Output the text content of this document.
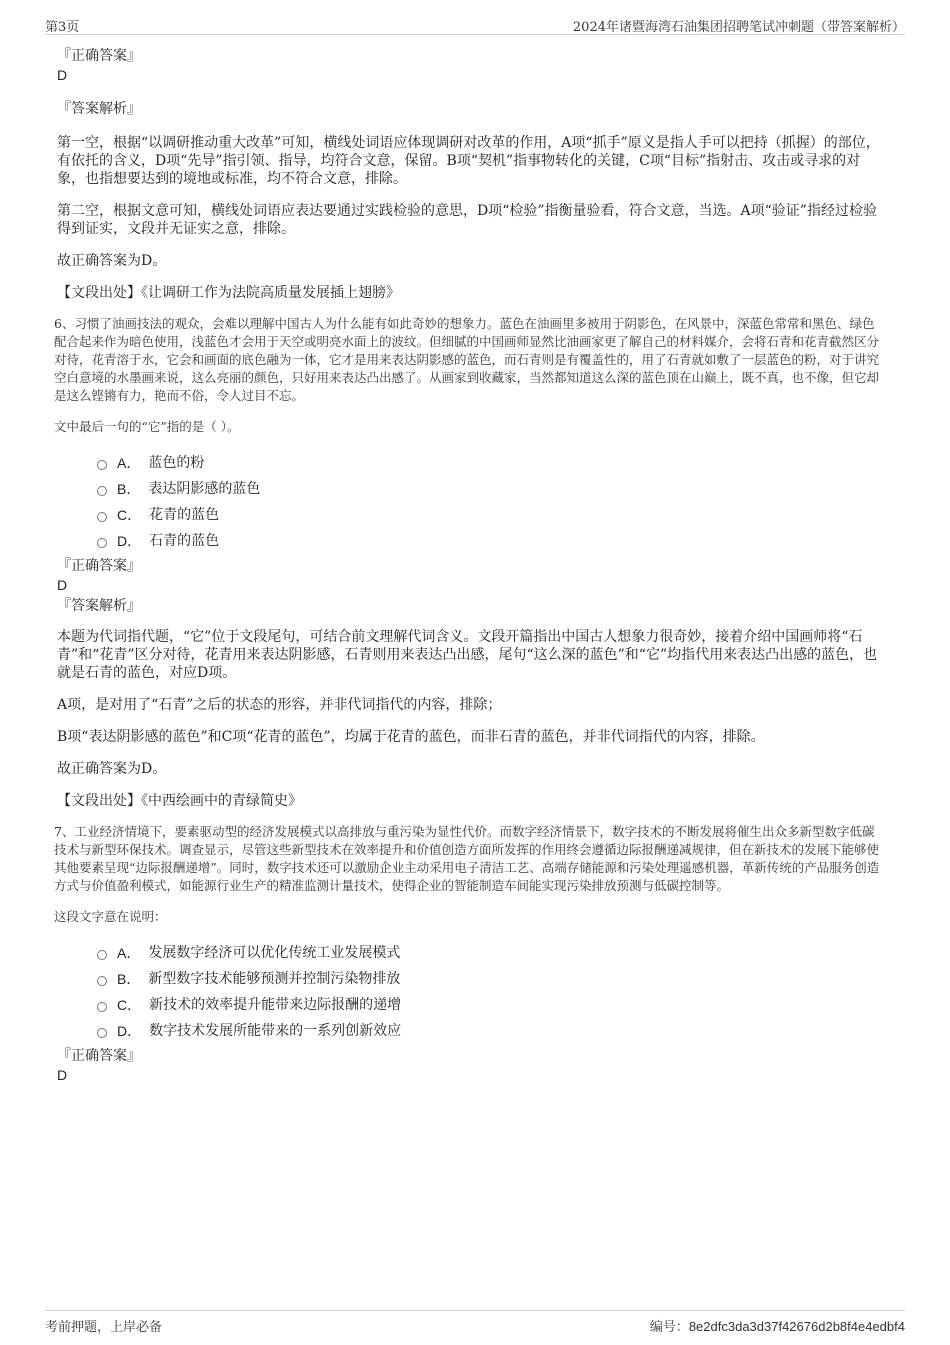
第3页	2024年诸暨海湾石油集团招聘笔试冲刺题（带答案解析）
『正确答案』
D
『答案解析』

第一空，根据“以调研推动重大改革”可知，横线处词语应体现调研对改革的作用，A项“抓手”原义是指人手可以把持（抓握）的部位，有依托的含义，D项“先导”指引领、指导，均符合文意，保留。B项“契机”指事物转化的关键，C项“目标”指射击、攻击或寻求的对象，也指想要达到的境地或标准，均不符合文意，排除。

第二空，根据文意可知，横线处词语应表达要通过实践检验的意思，D项“检验”指衡量验看，符合文意，当选。A项“验证”指经过检验得到证实，文段并无证实之意，排除。

故正确答案为D。

【文段出处】《让调研工作为法院高质量发展插上翅膀》

6、习惯了油画技法的观众，会难以理解中国古人为什么能有如此奇妙的想象力。蓝色在油画里多被用于阴影色，在风景中，深蓝色常常和黑色、绿色配合起来作为暗色使用，浅蓝色才会用于天空或明亮水面上的波纹。但细腻的中国画师显然比油画家更了解自己的材料媒介，会将石青和花青截然区分对待，花青溶于水，它会和画面的底色融为一体，它才是用来表达阴影感的蓝色，而石青则是有覆盖性的，用了石青就如敷了一层蓝色的粉，对于讲究空白意境的水墨画来说，这么亮丽的颜色，只好用来表达凸出感了。从画家到收藏家，当然都知道这么深的蓝色顶在山巅上，既不真，也不像，但它却是这么铿锵有力，艳而不俗，令人过目不忘。

文中最后一句的“它”指的是（ ）。

A． 蓝色的粉
B． 表达阴影感的蓝色
C． 花青的蓝色
D． 石青的蓝色
『正确答案』
D
『答案解析』

本题为代词指代题，“它”位于文段尾句，可结合前文理解代词含义。文段开篇指出中国古人想象力很奇妙，接着介绍中国画师将“石青”和“花青”区分对待，花青用来表达阴影感，石青则用来表达凸出感，尾句“这么深的蓝色”和“它”均指代用来表达凸出感的蓝色，也就是石青的蓝色，对应D项。

A项，是对用了“石青”之后的状态的形容，并非代词指代的内容，排除；

B项“表达阴影感的蓝色”和C项“花青的蓝色”，均属于花青的蓝色，而非石青的蓝色，并非代词指代的内容，排除。

故正确答案为D。

【文段出处】《中西绘画中的青绿简史》

7、工业经济情境下，要素驱动型的经济发展模式以高排放与重污染为显性代价。而数字经济情景下，数字技术的不断发展将催生出众多新型数字低碳技术与新型环保技术。调查显示，尽管这些新型技术在效率提升和价值创造方面所发挥的作用终会遵循边际报酬递减规律，但在新技术的发展下能够使其他要素呈现“边际报酬递增”。同时，数字技术还可以激励企业主动采用电子清洁工艺、高端存储能源和污染处理遥感机器，革新传统的产品服务创造方式与价值盈利模式，如能源行业生产的精准监测计量技术，使得企业的智能制造车间能实现污染排放预测与低碳控制等。

这段文字意在说明：

A． 发展数字经济可以优化传统工业发展模式
B． 新型数字技术能够预测并控制污染物排放
C． 新技术的效率提升能带来边际报酬的递增
D． 数字技术发展所能带来的一系列创新效应
『正确答案』
D
考前押题，上岸必备	编号：8e2dfc3da3d37f42676d2b8f4e4edbf4
